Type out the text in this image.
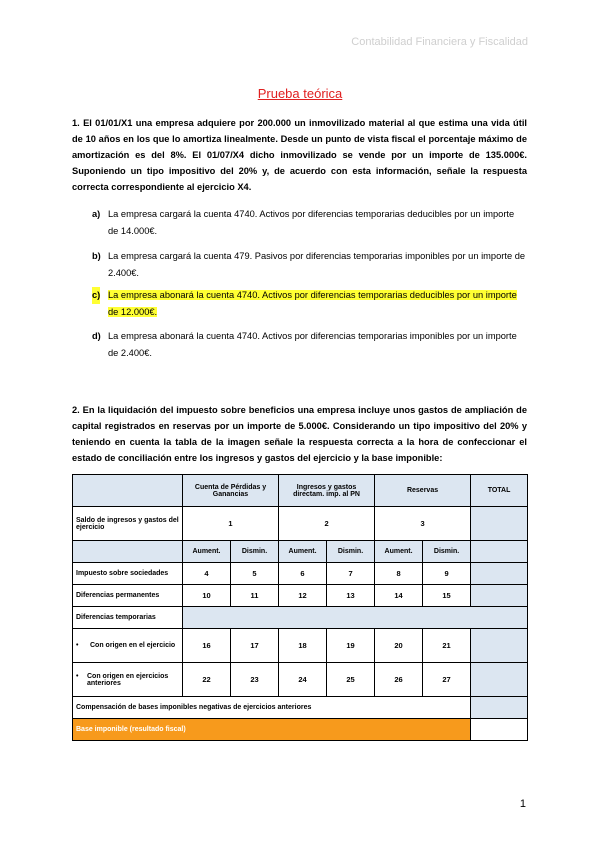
Contabilidad Financiera y Fiscalidad
Prueba teórica
1. El 01/01/X1 una empresa adquiere por 200.000 un inmovilizado material al que estima una vida útil de 10 años en los que lo amortiza linealmente. Desde un punto de vista fiscal el porcentaje máximo de amortización es del 8%. El 01/07/X4 dicho inmovilizado se vende por un importe de 135.000€. Suponiendo un tipo impositivo del 20% y, de acuerdo con esta información, señale la respuesta correcta correspondiente al ejercicio X4.
a) La empresa cargará la cuenta 4740. Activos por diferencias temporarias deducibles por un importe de 14.000€.
b) La empresa cargará la cuenta 479. Pasivos por diferencias temporarias imponibles por un importe de 2.400€.
c) La empresa abonará la cuenta 4740. Activos por diferencias temporarias deducibles por un importe de 12.000€.
d) La empresa abonará la cuenta 4740. Activos por diferencias temporarias imponibles por un importe de 2.400€.
2. En la liquidación del impuesto sobre beneficios una empresa incluye unos gastos de ampliación de capital registrados en reservas por un importe de 5.000€. Considerando un tipo impositivo del 20% y teniendo en cuenta la tabla de la imagen señale la respuesta correcta a la hora de confeccionar el estado de conciliación entre los ingresos y gastos del ejercicio y la base imponible:
	Cuenta de Pérdidas y Ganancias		Ingresos y gastos directam. imp. al PN		Reservas		TOTAL
Saldo de ingresos y gastos del ejercicio	1		2		3		
	Aument.	Dismin.	Aument.	Dismin.	Aument.	Dismin.	
Impuesto sobre sociedades	4	5	6	7	8	9	
Diferencias permanentes	10	11	12	13	14	15	
Diferencias temporarias							

• Con origen en el ejercicio	16	17	18	19	20	21	

• Con origen en ejercicios anteriores	22	23	24	25	26	27	
Compensación de bases imponibles negativas de ejercicios anteriores							
Base imponible (resultado fiscal)							
1
